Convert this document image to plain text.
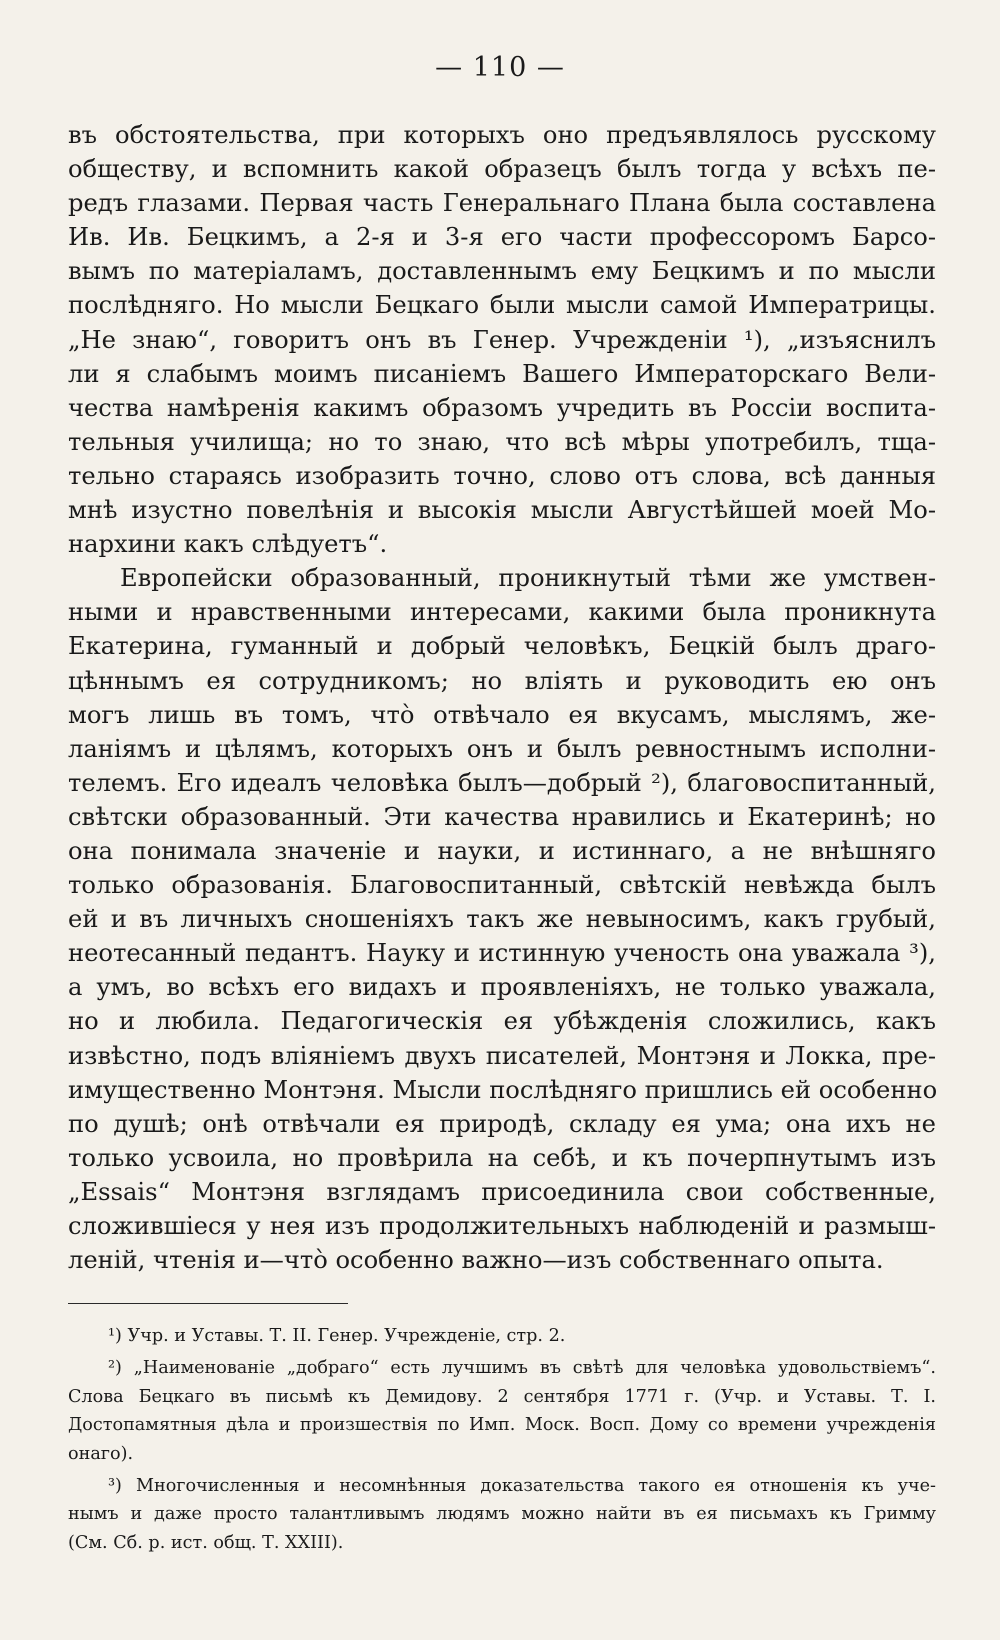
— 110 —
въ обстоятельства, при которыхъ оно предъявлялось русскому
обществу, и вспомнить какой образецъ былъ тогда у всѣхъ пе-
редъ глазами. Первая часть Генеральнаго Плана была составлена
Ив. Ив. Бецкимъ, а 2-я и 3-я его части профессоромъ Барсо-
вымъ по матеріаламъ, доставленнымъ ему Бецкимъ и по мысли
послѣдняго. Но мысли Бецкаго были мысли самой Императрицы.
„Не знаю“, говоритъ онъ въ Генер. Учрежденіи ¹), „изъяснилъ
ли я слабымъ моимъ писаніемъ Вашего Императорскаго Вели-
чества намѣренія какимъ образомъ учредить въ Россіи воспита-
тельныя училища; но то знаю, что всѣ мѣры употребилъ, тща-
тельно стараясь изобразить точно, слово отъ слова, всѣ данныя
мнѣ изустно повелѣнія и высокія мысли Августѣйшей моей Мо-
нархини какъ слѣдуетъ“.
Европейски образованный, проникнутый тѣми же умствен-
ными и нравственными интересами, какими была проникнута
Екатерина, гуманный и добрый человѣкъ, Бецкій былъ драго-
цѣннымъ ея сотрудникомъ; но влiять и руководить ею онъ
могъ лишь въ томъ, что̀ отвѣчало ея вкусамъ, мыслямъ, же-
ланiямъ и цѣлямъ, которыхъ онъ и былъ ревностнымъ исполни-
телемъ. Его идеалъ человѣка былъ—добрый ²), благовоспитанный,
свѣтски образованный. Эти качества нравились и Екатеринѣ; но
она понимала значеніе и науки, и истиннаго, а не внѣшняго
только образованія. Благовоспитанный, свѣтскій невѣжда былъ
ей и въ личныхъ сношеніяхъ такъ же невыносимъ, какъ грубый,
неотесанный педантъ. Науку и истинную ученость она уважала ³),
а умъ, во всѣхъ его видахъ и проявленіяхъ, не только уважала,
но и любила. Педагогическія ея убѣжденія сложились, какъ
извѣстно, подъ вліяніемъ двухъ писателей, Монтэня и Локка, пре-
имущественно Монтэня. Мысли послѣдняго пришлись ей особенно
по душѣ; онѣ отвѣчали ея природѣ, складу ея ума; она ихъ не
только усвоила, но провѣрила на себѣ, и къ почерпнутымъ изъ
„Essais“ Монтэня взглядамъ присоединила свои собственные,
сложившіеся у нея изъ продолжительныхъ наблюденій и размыш-
леній, чтенія и—что̀ особенно важно—изъ собственнаго опыта.
¹) Учр. и Уставы. Т. II. Генер. Учрежденіе, стр. 2.
²) „Наименованіе „добраго“ есть лучшимъ въ свѣтѣ для человѣка удовольствіемъ“.
Слова Бецкаго въ письмѣ къ Демидову. 2 сентября 1771 г. (Учр. и Уставы. Т. I.
Достопамятныя дѣла и произшествія по Имп. Моск. Восп. Дому со времени учрежденія
онаго).
³) Многочисленныя и несомнѣнныя доказательства такого ея отношенія къ уче-
нымъ и даже просто талантливымъ людямъ можно найти въ ея письмахъ къ Гримму
(См. Сб. р. ист. общ. Т. XXIII).
